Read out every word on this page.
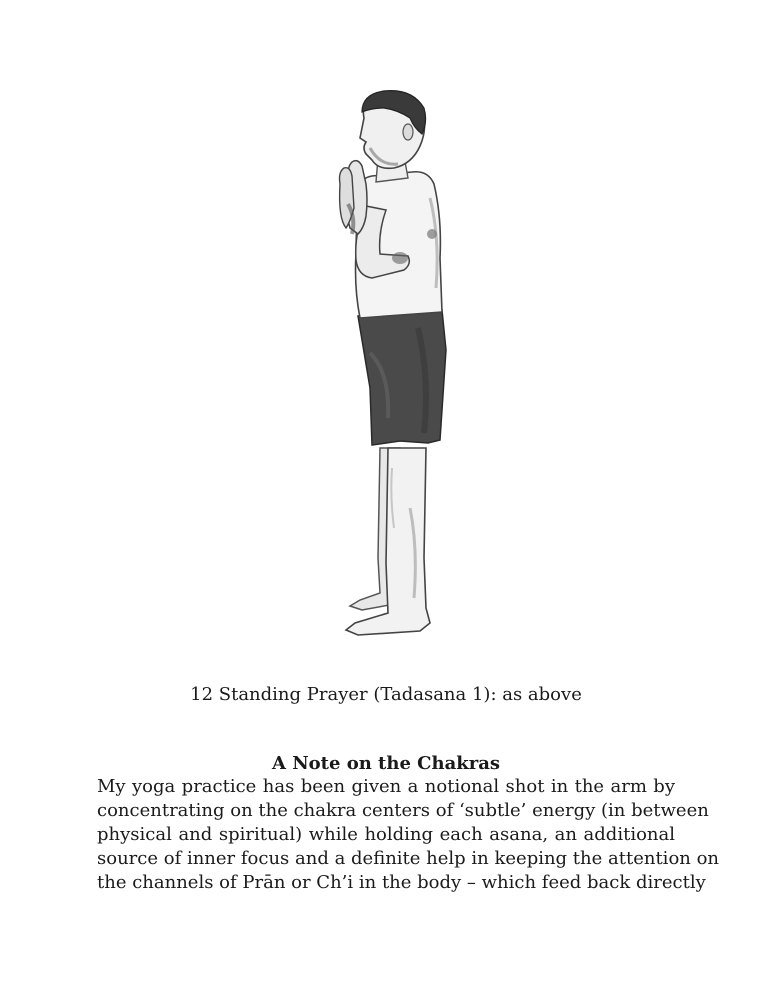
12 Standing Prayer (Tadasana 1): as above
A Note on the Chakras
My yoga practice has been given a notional shot in the arm by
concentrating on the chakra centers of ‘subtle’ energy (in between
physical and spiritual) while holding each asana, an additional
source of inner focus and a definite help in keeping the attention on
the channels of Prān or Ch’i in the body – which feed back directly
